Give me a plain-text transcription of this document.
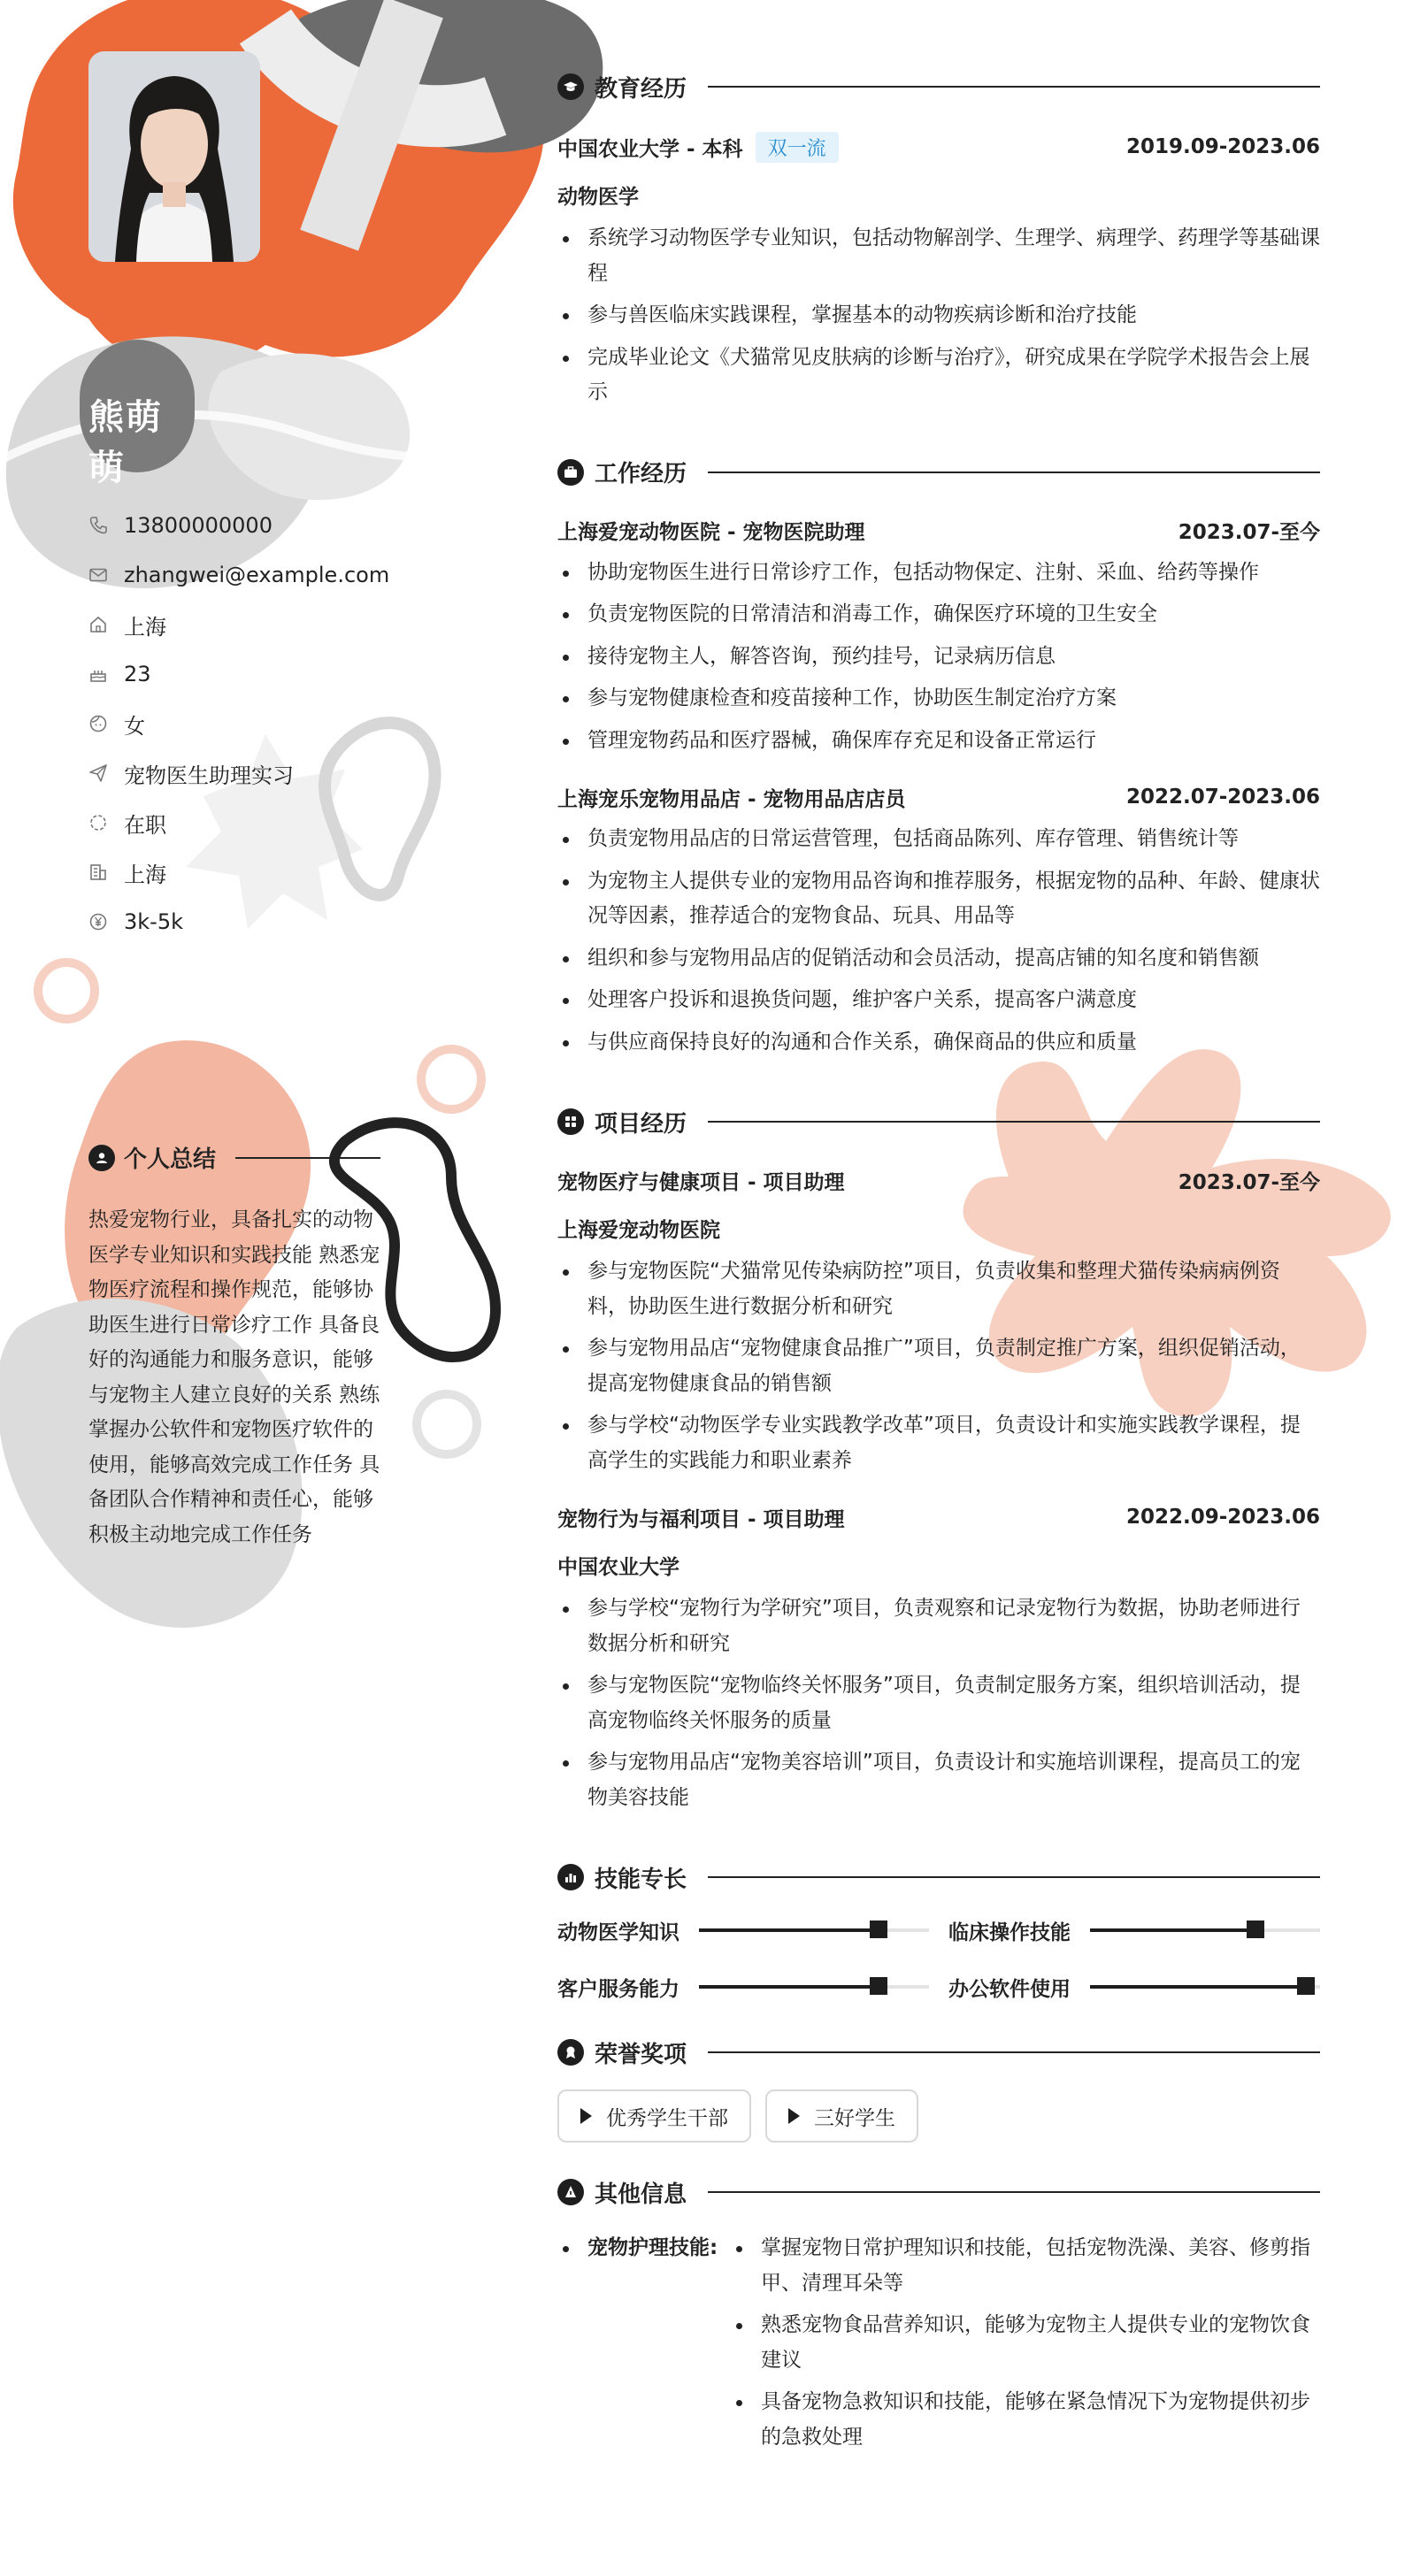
熊萌萌
13800000000
zhangwei@example.com
上海
23
女
宠物医生助理实习
在职
上海
3k-5k
个人总结
热爱宠物行业，具备扎实的动物医学专业知识和实践技能 熟悉宠物医疗流程和操作规范，能够协助医生进行日常诊疗工作 具备良好的沟通能力和服务意识，能够与宠物主人建立良好的关系 熟练掌握办公软件和宠物医疗软件的使用，能够高效完成工作任务 具备团队合作精神和责任心，能够积极主动地完成工作任务
教育经历
中国农业大学 - 本科	双一流	2019.09-2023.06
动物医学
系统学习动物医学专业知识，包括动物解剖学、生理学、病理学、药理学等基础课程
参与兽医临床实践课程，掌握基本的动物疾病诊断和治疗技能
完成毕业论文《犬猫常见皮肤病的诊断与治疗》，研究成果在学院学术报告会上展示
工作经历
上海爱宠动物医院 - 宠物医院助理	2023.07-至今
协助宠物医生进行日常诊疗工作，包括动物保定、注射、采血、给药等操作
负责宠物医院的日常清洁和消毒工作，确保医疗环境的卫生安全
接待宠物主人，解答咨询，预约挂号，记录病历信息
参与宠物健康检查和疫苗接种工作，协助医生制定治疗方案
管理宠物药品和医疗器械，确保库存充足和设备正常运行
上海宠乐宠物用品店 - 宠物用品店店员	2022.07-2023.06
负责宠物用品店的日常运营管理，包括商品陈列、库存管理、销售统计等
为宠物主人提供专业的宠物用品咨询和推荐服务，根据宠物的品种、年龄、健康状况等因素，推荐适合的宠物食品、玩具、用品等
组织和参与宠物用品店的促销活动和会员活动，提高店铺的知名度和销售额
处理客户投诉和退换货问题，维护客户关系，提高客户满意度
与供应商保持良好的沟通和合作关系，确保商品的供应和质量
项目经历
宠物医疗与健康项目 - 项目助理	2023.07-至今
上海爱宠动物医院
参与宠物医院“犬猫常见传染病防控”项目，负责收集和整理犬猫传染病病例资料，协助医生进行数据分析和研究
参与宠物用品店“宠物健康食品推广”项目，负责制定推广方案，组织促销活动，提高宠物健康食品的销售额
参与学校“动物医学专业实践教学改革”项目，负责设计和实施实践教学课程，提高学生的实践能力和职业素养
宠物行为与福利项目 - 项目助理	2022.09-2023.06
中国农业大学
参与学校“宠物行为学研究”项目，负责观察和记录宠物行为数据，协助老师进行数据分析和研究
参与宠物医院“宠物临终关怀服务”项目，负责制定服务方案，组织培训活动，提高宠物临终关怀服务的质量
参与宠物用品店“宠物美容培训”项目，负责设计和实施培训课程，提高员工的宠物美容技能
技能专长
动物医学知识	临床操作技能
客户服务能力	办公软件使用
荣誉奖项
优秀学生干部	三好学生
其他信息
宠物护理技能:	掌握宠物日常护理知识和技能，包括宠物洗澡、美容、修剪指甲、清理耳朵等
熟悉宠物食品营养知识，能够为宠物主人提供专业的宠物饮食建议
具备宠物急救知识和技能，能够在紧急情况下为宠物提供初步的急救处理
